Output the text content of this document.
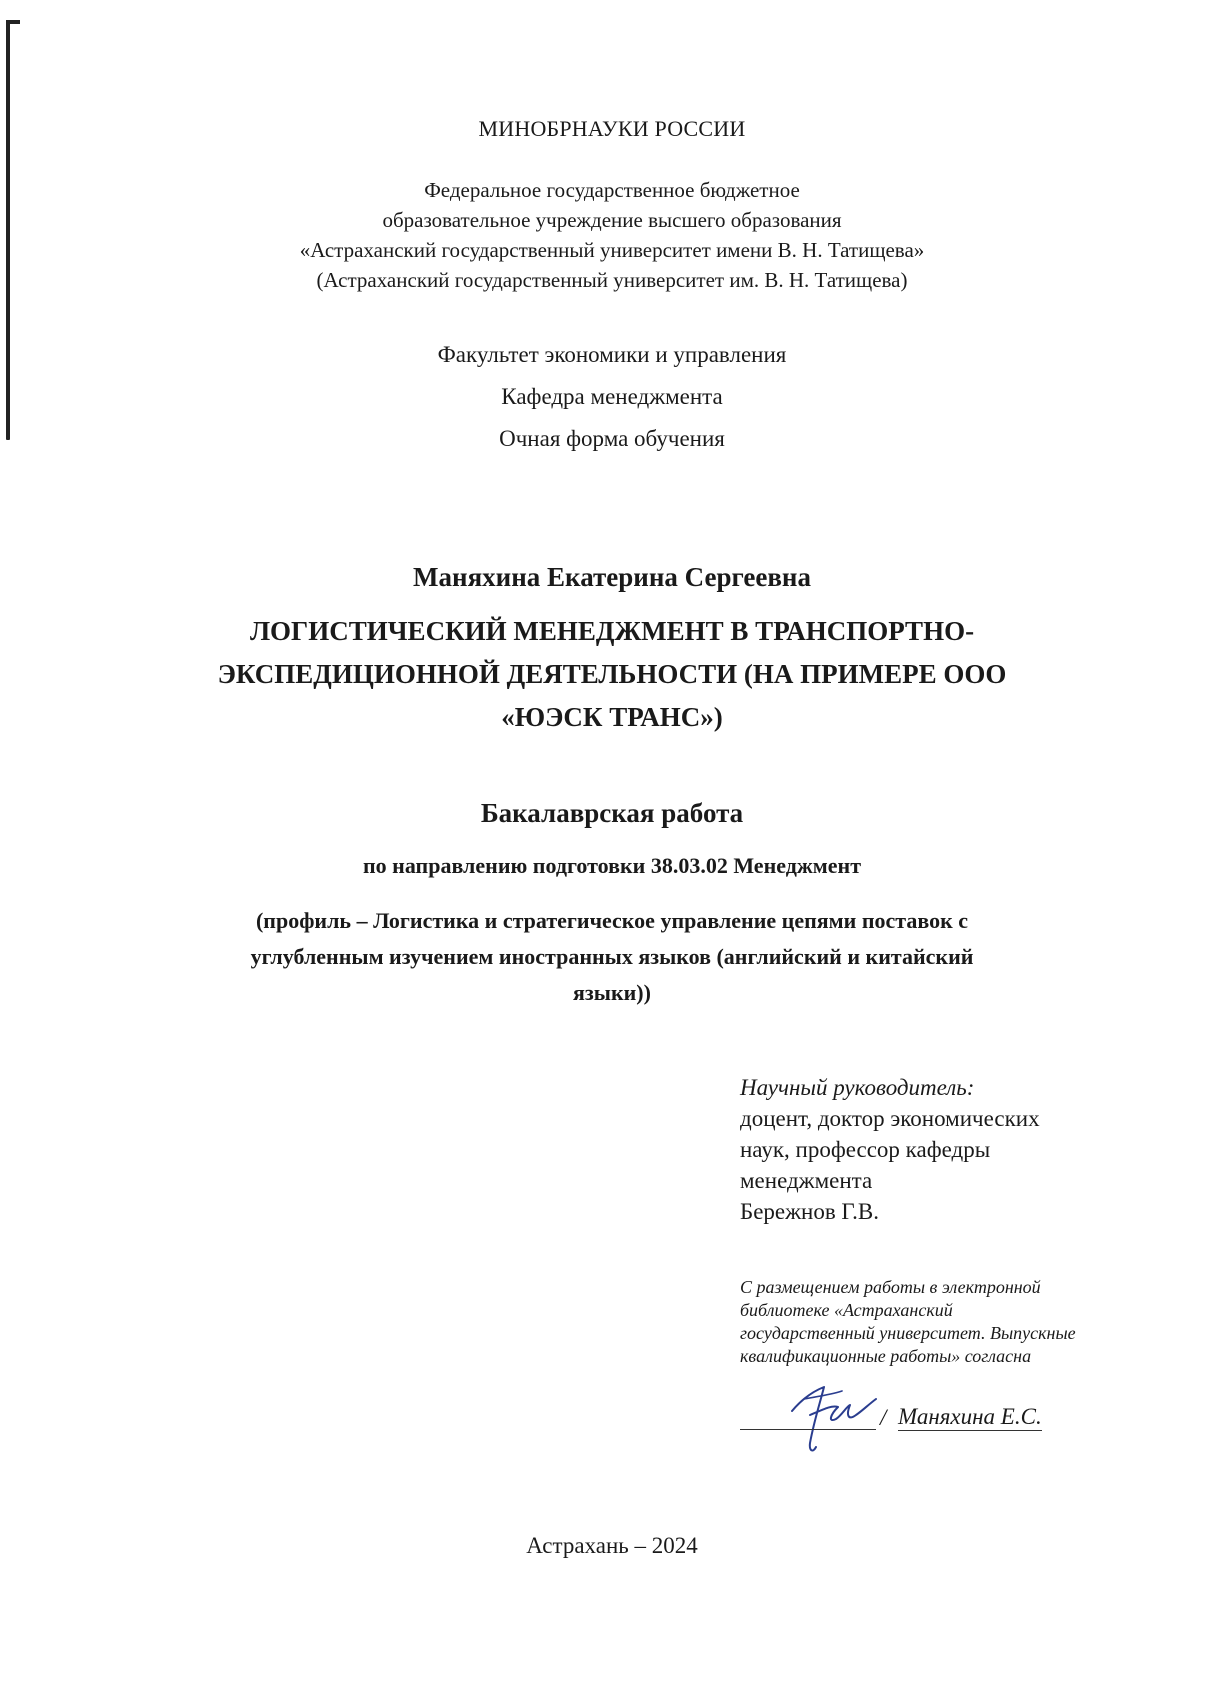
МИНОБРНАУКИ РОССИИ
Федеральное государственное бюджетное
образовательное учреждение высшего образования
«Астраханский государственный университет имени В. Н. Татищева»
(Астраханский государственный университет им. В. Н. Татищева)
Факультет экономики и управления
Кафедра менеджмента
Очная форма обучения
Маняхина Екатерина Сергеевна
ЛОГИСТИЧЕСКИЙ МЕНЕДЖМЕНТ В ТРАНСПОРТНО-
ЭКСПЕДИЦИОННОЙ ДЕЯТЕЛЬНОСТИ (НА ПРИМЕРЕ ООО
«ЮЭСК ТРАНС»)
Бакалаврская работа
по направлению подготовки 38.03.02 Менеджмент
(профиль – Логистика и стратегическое управление цепями поставок с
углубленным изучением иностранных языков (английский и китайский
языки))
Научный руководитель:
доцент, доктор экономических
наук, профессор кафедры
менеджмента
Бережнов Г.В.
С размещением работы в электронной
библиотеке «Астраханский
государственный университет. Выпускные
квалификационные работы» согласна
/ Маняхина Е.С.
Астрахань – 2024
